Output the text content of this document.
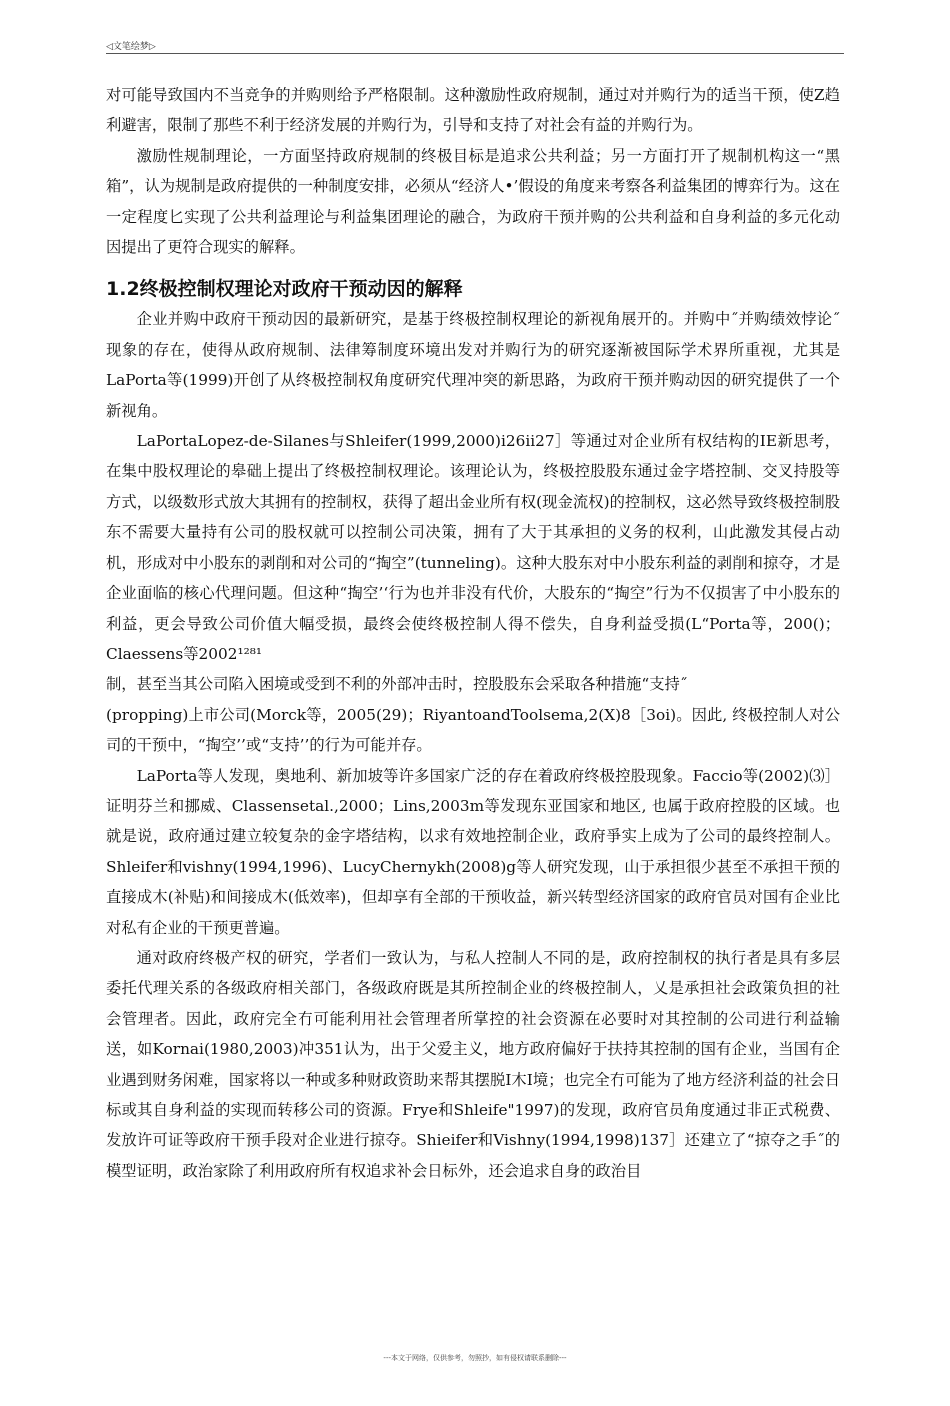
◁文笔绘梦▷

对可能导致国内不当竞争的并购则给予严格限制。这种激励性政府规制，通过对并购行为的适当干预，使Z趋利避害，限制了那些不利于经济发展的并购行为，引导和支持了对社会有益的并购行为。

激励性规制理论，一方面坚持政府规制的终极目标是追求公共利益；另一方面打开了规制机构这一“黑箱”，认为规制是政府提供的一种制度安排，必须从“经济人•’假设的角度来考察各利益集团的博弈行为。这在一定程度匕实现了公共利益理论与利益集团理论的融合，为政府干预并购的公共利益和自身利益的多元化动因提出了更符合现实的解释。

1.2终极控制权理论对政府干预动因的解释

企业并购中政府干预动因的最新研究，是基于终极控制权理论的新视角展开的。并购中˝并购绩效悖论˝现象的存在，使得从政府规制、法律筹制度环境出发对并购行为的研究逐渐被国际学术界所重视，尤其是LaPorta等(1999)开创了从终极控制权角度研究代理冲突的新思路，为政府干预并购动因的研究提供了一个新视角。

LaPortaLopez-de-Silanes与Shleifer(1999,2000)i26ii27］等通过对企业所有权结构的IE新思考，在集中股权理论的皋础上提出了终极控制权理论。该理论认为，终极控股股东通过金字塔控制、交叉持股等方式，以级数形式放大其拥有的控制权，获得了超出金业所有权(现金流权)的控制权，这必然导致终极控制股东不需要大量持有公司的股权就可以控制公司决策，拥有了大于其承担的义务的权利，山此激发其侵占动机，形成对中小股东的剥削和对公司的“掏空”(tunneling)。这种大股东对中小股东利益的剥削和掠夺，才是企业面临的核心代理问题。但这种“掏空’‘行为也并非没有代价，大股东的“掏空”行为不仅损害了中小股东的利益，更会导致公司价值大幅受损，最终会使终极控制人得不偿失，自身利益受损(L“Porta等，200()；Claessens等2002¹²⁸¹

制，甚至当其公司陷入困境或受到不利的外部冲击时，控股股东会采取各种措施“支持˝

(propping)上市公司(Morck等，2005(29)；RiyantoandToolsema,2(X)8［3oi)。因此, 终极控制人对公司的干预中，“掏空’’或“支持’’的行为可能并存。

LaPorta等人发现，奥地利、新加坡等许多国家广泛的存在着政府终极控股现象。Faccio等(2002)⑶］证明芬兰和挪威、Classensetal.,2000；Lins,2003m等发现东亚国家和地区, 也属于政府控股的区域。也就是说，政府通过建立较复杂的金字塔结构，以求有效地控制企业，政府爭实上成为了公司的最终控制人。Shleifer和vishny(1994,1996)、LucyChernykh(2008)g等人研究发现，山于承担很少甚至不承担干预的直接成木(补贴)和间接成木(低效率)，但却享有全部的干预收益，新兴转型经济国家的政府官员对国有企业比对私有企业的干预更普遍。

通对政府终极产权的研究，学者们一致认为，与私人控制人不同的是，政府控制权的执行者是具有多层委托代理关系的各级政府相关部门，各级政府既是其所控制企业的终极控制人，乂是承担社会政策负担的社会管理者。因此，政府完全冇可能利用社会管理者所掌控的社会资源在必要时对其控制的公司进行利益输送，如Kornai(1980,2003)冲351认为，出于父爱主义，地方政府偏好于扶持其控制的国有企业，当国有企业遇到财务闲难，国家将以一种或多种财政资助来帮其摆脱I木I境；也完全冇可能为了地方经济利益的社会日标或其自身利益的实现而转移公司的资源。Frye和Shleife"1997)的发现，政府官员角度通过非正式税费、发放许可证等政府干预手段对企业进行掠夺。Shieifer和Vishny(1994,1998)137］还建立了“掠夺之手˝的模型证明，政治家除了利用政府所有权追求补会日标外，还会追求自身的政治目

---本文于网络，仅供参考，勿照抄，如有侵权请联系删除---
